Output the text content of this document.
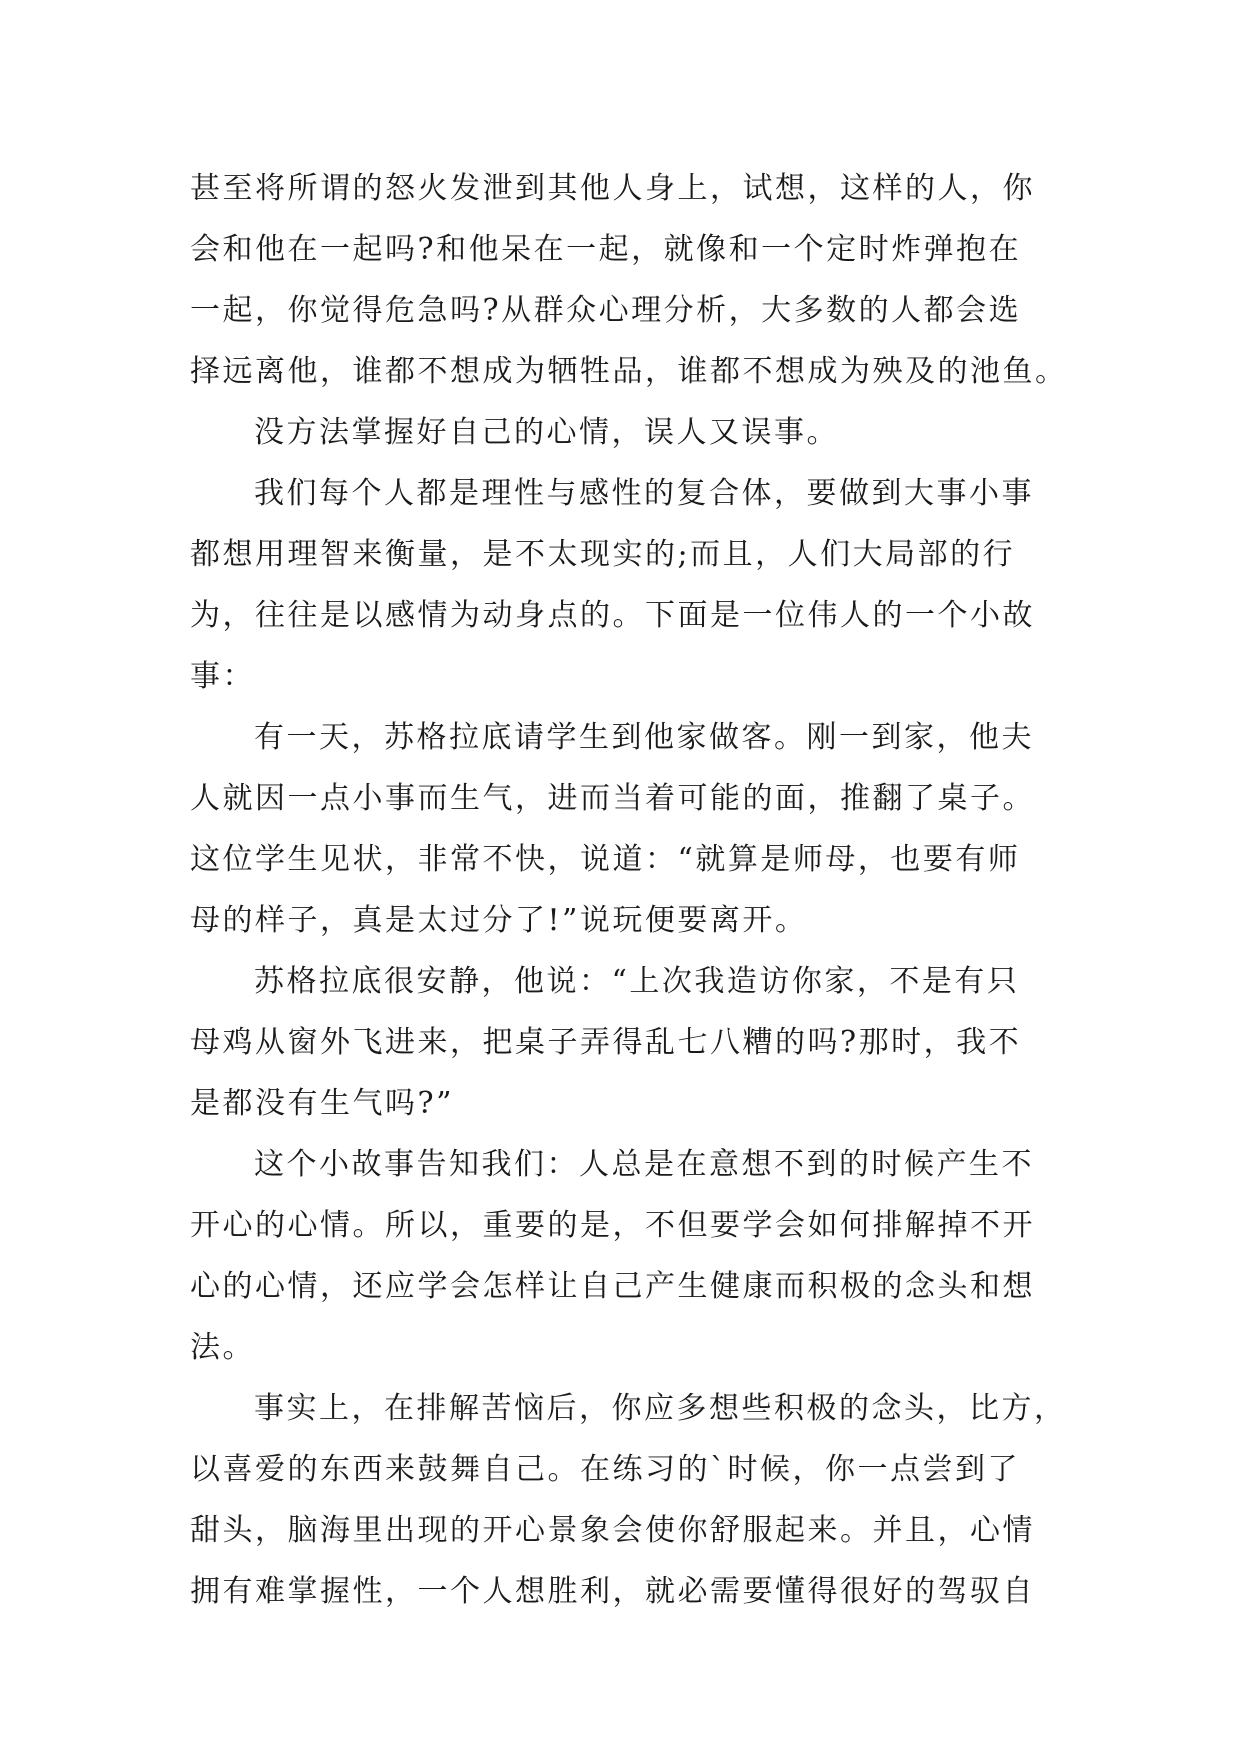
甚至将所谓的怒火发泄到其他人身上，试想，这样的人，你
会和他在一起吗?和他呆在一起，就像和一个定时炸弹抱在
一起，你觉得危急吗?从群众心理分析，大多数的人都会选
择远离他，谁都不想成为牺牲品，谁都不想成为殃及的池鱼。

没方法掌握好自己的心情，误人又误事。

我们每个人都是理性与感性的复合体，要做到大事小事
都想用理智来衡量，是不太现实的;而且，人们大局部的行
为，往往是以感情为动身点的。下面是一位伟人的一个小故
事：

有一天，苏格拉底请学生到他家做客。刚一到家，他夫
人就因一点小事而生气，进而当着可能的面，推翻了桌子。
这位学生见状，非常不快，说道：“就算是师母，也要有师
母的样子，真是太过分了!”说玩便要离开。

苏格拉底很安静，他说：“上次我造访你家，不是有只
母鸡从窗外飞进来，把桌子弄得乱七八糟的吗?那时，我不
是都没有生气吗?”

这个小故事告知我们：人总是在意想不到的时候产生不
开心的心情。所以，重要的是，不但要学会如何排解掉不开
心的心情，还应学会怎样让自己产生健康而积极的念头和想
法。

事实上，在排解苦恼后，你应多想些积极的念头，比方，
以喜爱的东西来鼓舞自己。在练习的`时候，你一点尝到了
甜头，脑海里出现的开心景象会使你舒服起来。并且，心情
拥有难掌握性，一个人想胜利，就必需要懂得很好的驾驭自
